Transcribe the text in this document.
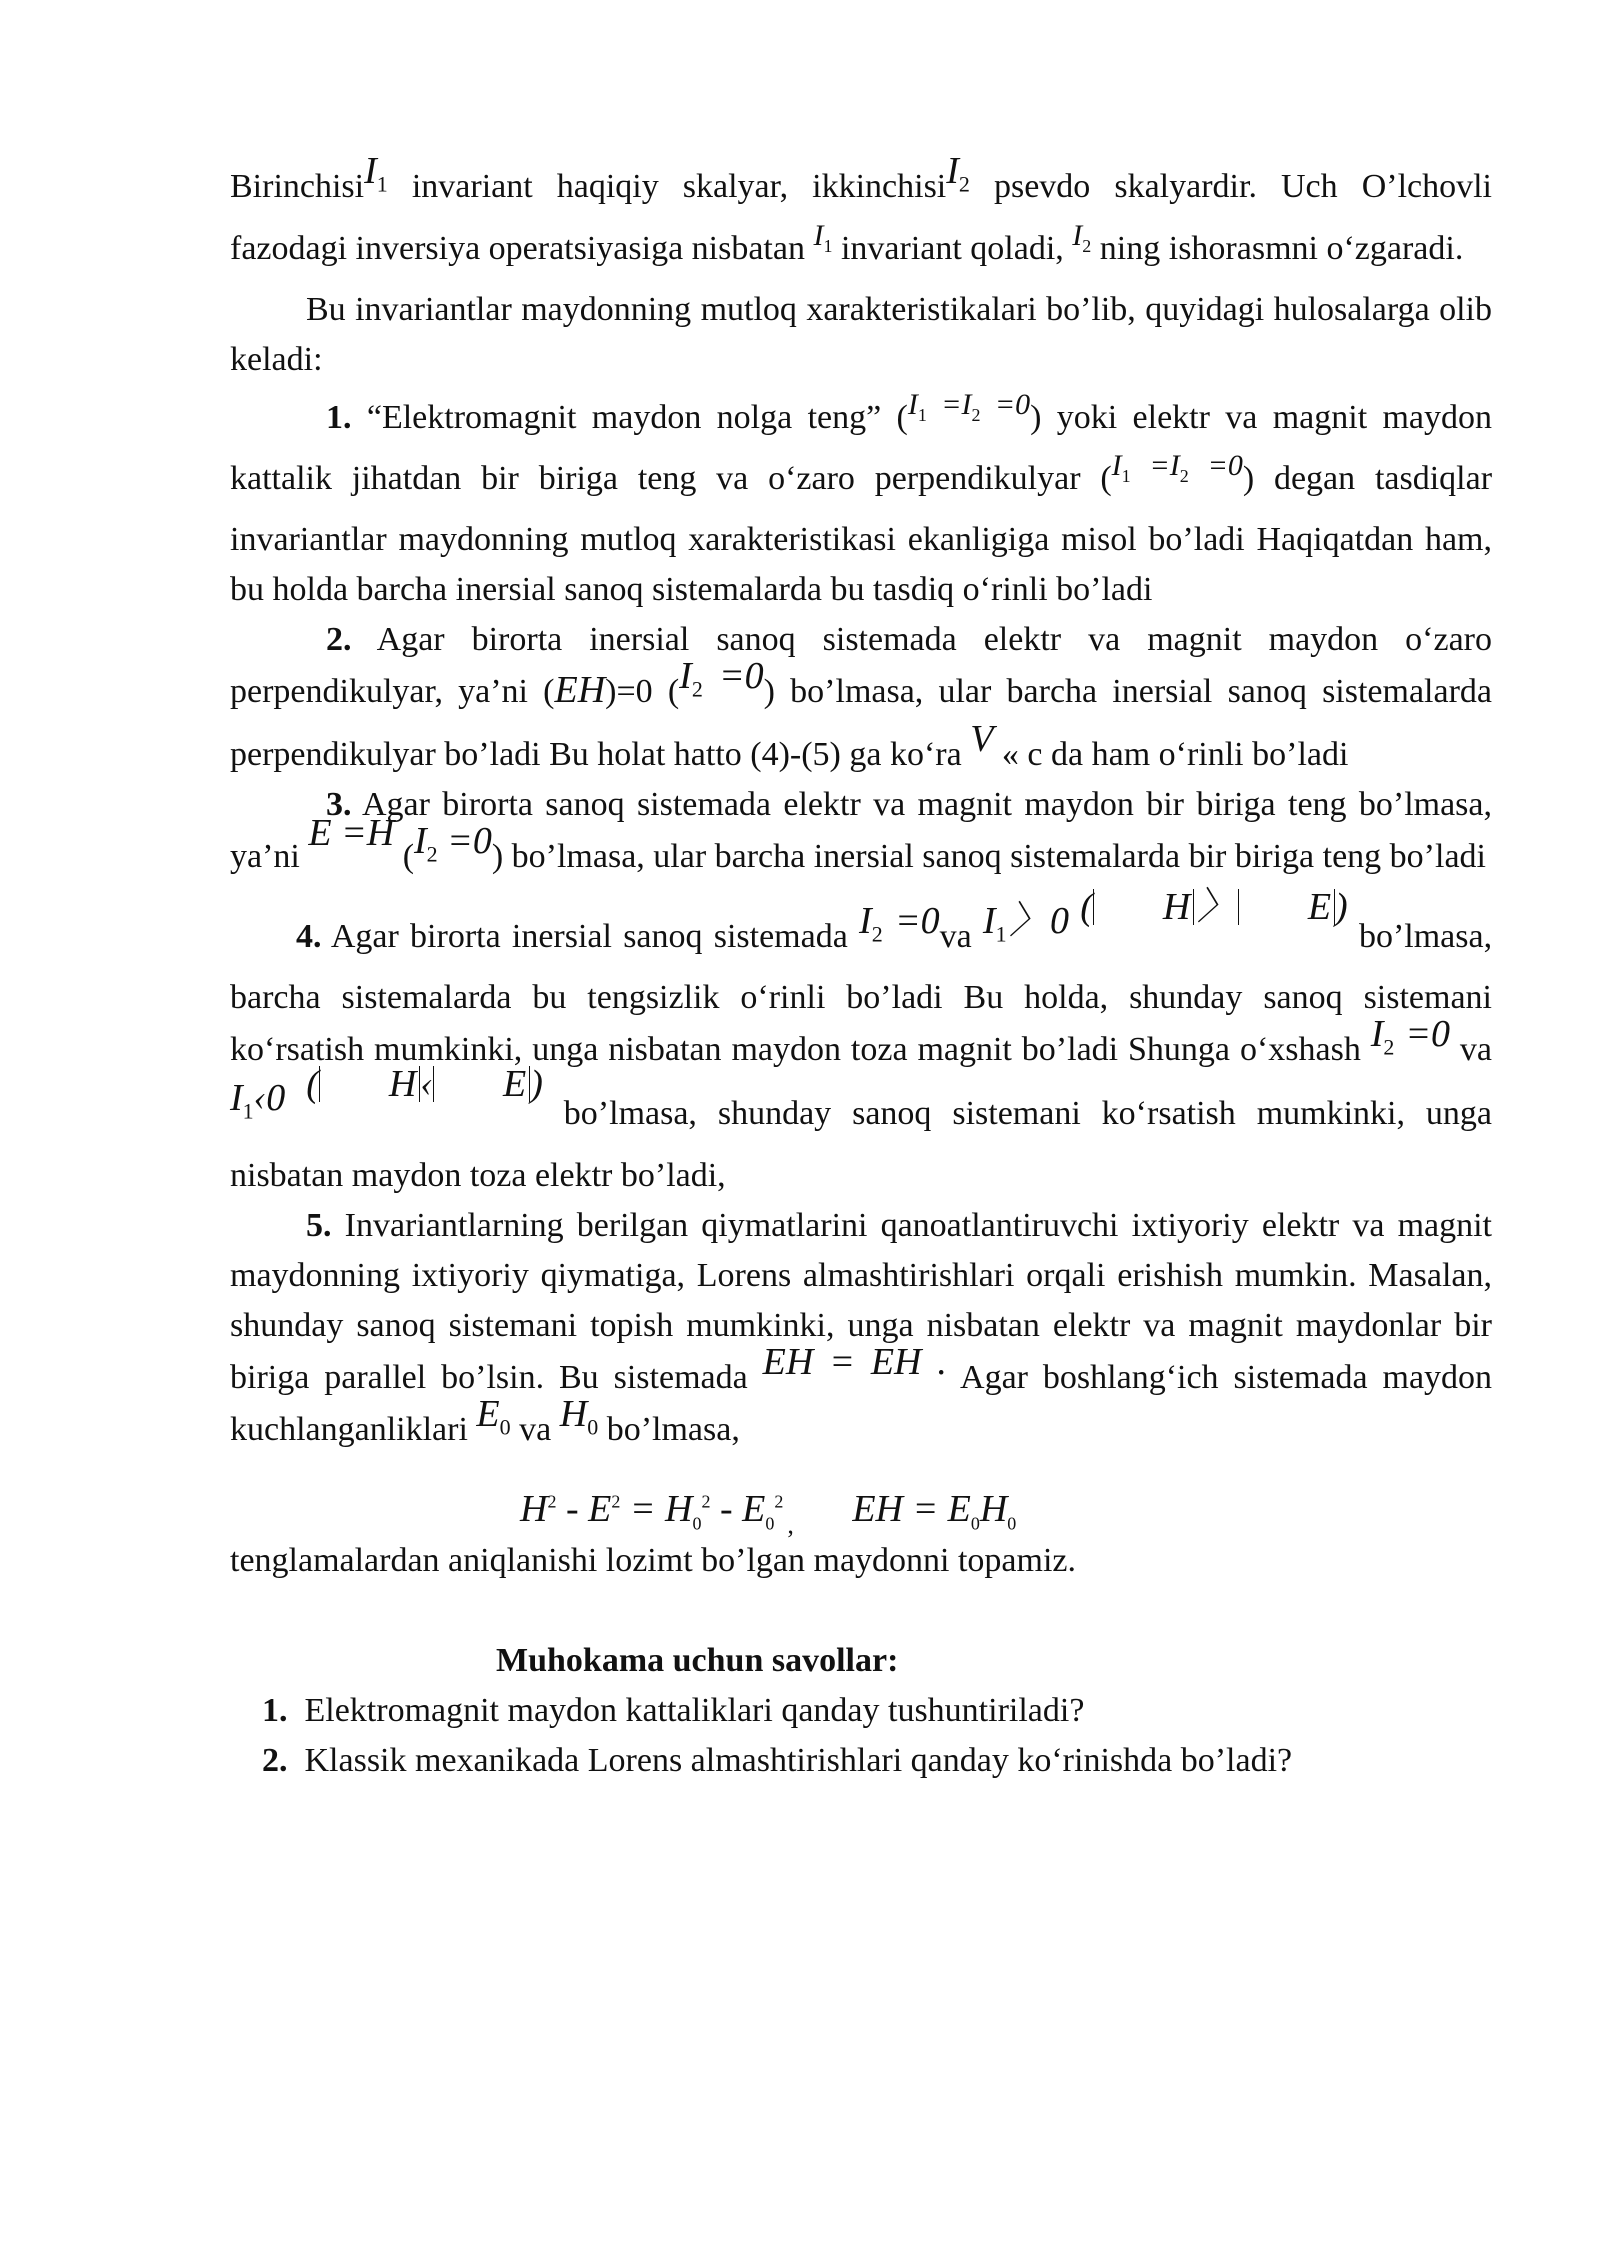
BirinchisiI$_1$ invariant haqiqiy skalyar, ikkinchisiI$_2$ psevdo skalyardir. Uch O’lchovli fazodagi inversiya operatsiyasiga nisbatan $I_1$ invariant qoladi, $I_2$ ning ishorasmni o‘zgaradi.

Bu invariantlar maydonning mutloq xarakteristikalari bo’lib, quyidagi hulosalarga olib keladi:

1. “Elektromagnit maydon nolga teng” $(I_1 =I_2 =0)$ yoki elektr va magnit maydon kattalik jihatdan bir biriga teng va o‘zaro perpendikulyar $(I_1 =I_2 =0)$ degan tasdiqlar invariantlar maydonning mutloq xarakteristikasi ekanligiga misol bo’ladi Haqiqatdan ham, bu holda barcha inersial sanoq sistemalarda bu tasdiq o‘rinli bo’ladi

2. Agar birorta inersial sanoq sistemada elektr va magnit maydon o‘zaro perpendikulyar, ya’ni (EH)=0 $(I_2 =0)$ bo’lmasa, ular barcha inersial sanoq sistemalarda perpendikulyar bo’ladi Bu holat hatto (4)-(5) ga ko‘ra V « c da ham o‘rinli bo’ladi

3. Agar birorta sanoq sistemada elektr va magnit maydon bir biriga teng bo’lmasa, ya’ni E =H $(I_2 =0)$ bo’lmasa, ular barcha inersial sanoq sistemalarda bir biriga teng bo’ladi

4. Agar birorta inersial sanoq sistemada $I_2 =0va$ $I_1$〉0 ( H 〉 E ) bo’lmasa, barcha sistemalarda bu tengsizlik o‘rinli bo’ladi Bu holda, shunday sanoq sistemani ko‘rsatish mumkinki, unga nisbatan maydon toza magnit bo’ladi Shunga o‘xshash $I_2 =0$ va $I_1‹0$ ( H ‹ E ) bo’lmasa, shunday sanoq sistemani ko‘rsatish mumkinki, unga nisbatan maydon toza elektr bo’ladi,

5. Invariantlarning berilgan qiymatlarini qanoatlantiruvchi ixtiyoriy elektr va magnit maydonning ixtiyoriy qiymatiga, Lorens almashtirishlari orqali erishish mumkin. Masalan, shunday sanoq sistemani topish mumkinki, unga nisbatan elektr va magnit maydonlar bir biriga parallel bo’lsin. Bu sistemada EH = EH . Agar boshlang‘ich sistemada maydon kuchlanganliklari $E_0$ va $H_0$ bo’lmasa,

$H^2 - E^2 = H_0^2 - E_0^2_,$ EH = $E_0H_0$

tenglamalardan aniqlanishi lozimt bo’lgan maydonni topamiz.

Muhokama uchun savollar:
1. Elektromagnit maydon kattaliklari qanday tushuntiriladi?
2. Klassik mexanikada Lorens almashtirishlari qanday ko‘rinishda bo’ladi?
